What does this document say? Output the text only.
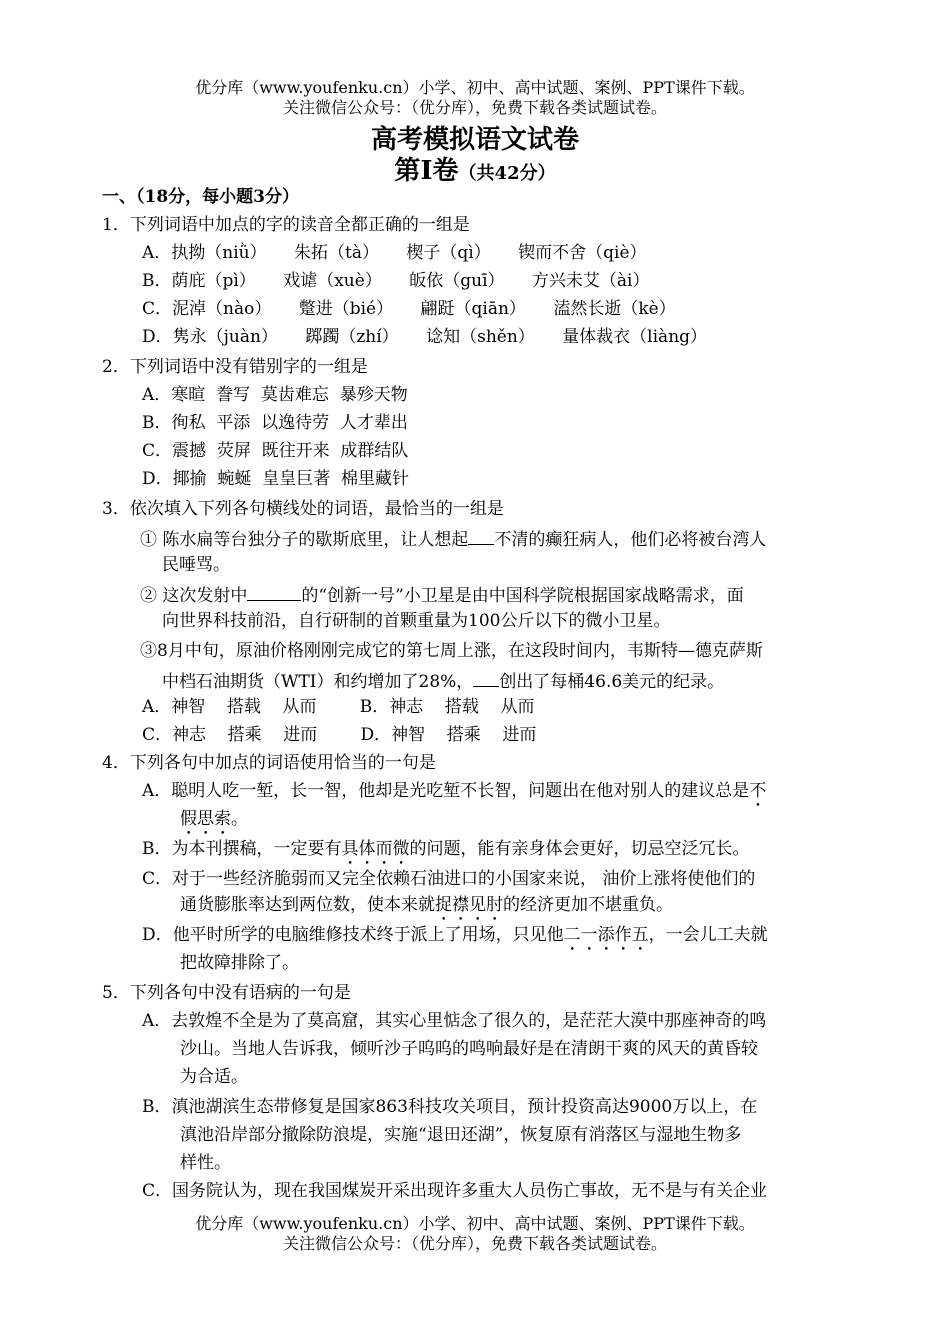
优分库（www.youfenku.cn）小学、初中、高中试题、案例、PPT课件下载。
关注微信公众号：（优分库），免费下载各类试题试卷。
高考模拟语文试卷
第Ⅰ卷（共42分）
一、（18分，每小题3分）
1．下列词语中加点的字的读音全都正确的一组是
A．执拗（niǜ） 朱拓（tà） 楔子（qì） 锲而不舍（qiè）
B．荫庇（pì） 戏谑（xuè） 皈依（guī） 方兴未艾（ài）
C．泥淖（nào） 蹩进（bié） 翩跹（qiān） 溘然长逝（kè）
D．隽永（juàn） 踯躅（zhí） 谂知（shěn） 量体裁衣（liàng）
2．下列词语中没有错别字的一组是
A．寒暄  誊写  莫齿难忘  暴殄天物
B．徇私  平添  以逸待劳  人才辈出
C．震撼  荧屏  既往开来  成群结队
D．揶揄  蜿蜒  皇皇巨著  棉里藏针
3．依次填入下列各句横线处的词语，最恰当的一组是
① 陈水扁等台独分子的歇斯底里，让人想起 不清的癫狂病人，他们必将被台湾人
民唾骂。
② 这次发射中	的“创新一号”小卫星是由中国科学院根据国家战略需求，面
向世界科技前沿，自行研制的首颗重量为100公斤以下的微小卫星。
③8月中旬，原油价格刚刚完成它的第七周上涨，在这段时间内，韦斯特—德克萨斯
中档石油期货（WTI）和约增加了28%， 创出了每桶46.6美元的纪录。
A．神智    搭载    从而        B．神志    搭载    从而
C．神志    搭乘    进而        D．神智    搭乘    进而
4．下列各句中加点的词语使用恰当的一句是
A．聪明人吃一堑，长一智，他却是光吃堑不长智，问题出在他对别人的建议总是不
假思索。
B．为本刊撰稿，一定要有具体而微的问题，能有亲身体会更好，切忌空泛冗长。
C．对于一些经济脆弱而又完全依赖石油进口的小国家来说， 油价上涨将使他们的
通货膨胀率达到两位数，使本来就捉襟见肘的经济更加不堪重负。
D．他平时所学的电脑维修技术终于派上了用场，只见他二一添作五，一会儿工夫就
把故障排除了。
5．下列各句中没有语病的一句是
A．去敦煌不全是为了莫高窟，其实心里惦念了很久的，是茫茫大漠中那座神奇的鸣
沙山。当地人告诉我，倾听沙子呜呜的鸣响最好是在清朗干爽的风天的黄昏较
为合适。
B．滇池湖滨生态带修复是国家863科技攻关项目，预计投资高达9000万以上，在
滇池沿岸部分撤除防浪堤，实施“退田还湖”，恢复原有消落区与湿地生物多
样性。
C．国务院认为，现在我国煤炭开采出现许多重大人员伤亡事故，无不是与有关企业
优分库（www.youfenku.cn）小学、初中、高中试题、案例、PPT课件下载。
关注微信公众号：（优分库），免费下载各类试题试卷。
